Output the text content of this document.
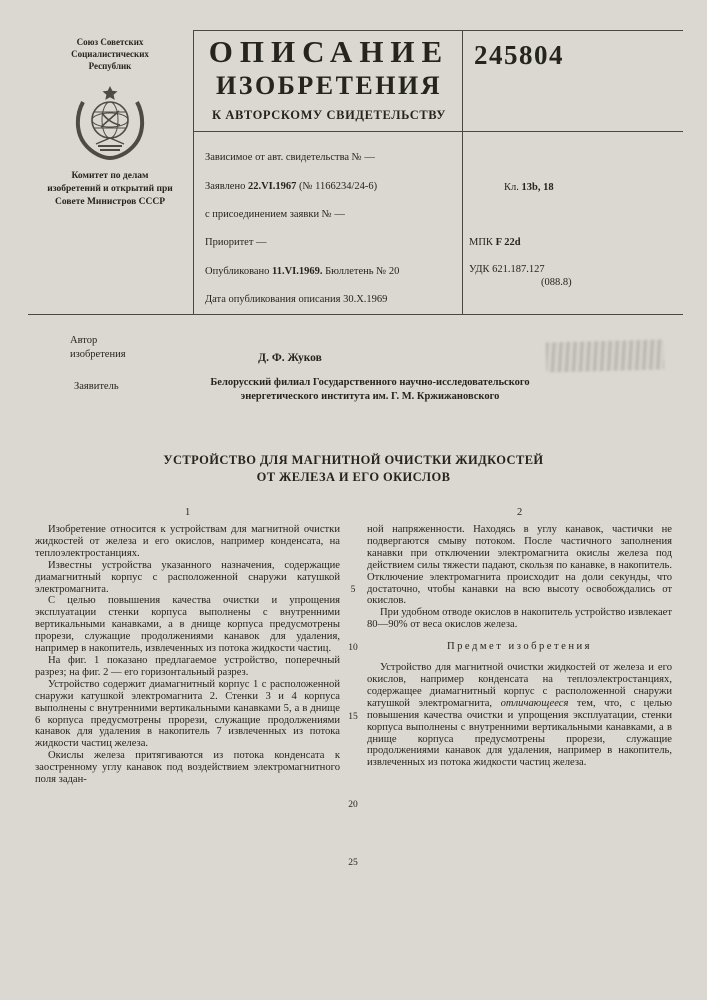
Союз Советских Социалистических Республик
Комитет по делам изобретений и открытий при Совете Министров СССР
ОПИСАНИЕ
ИЗОБРЕТЕНИЯ
К АВТОРСКОМУ СВИДЕТЕЛЬСТВУ
Зависимое от авт. свидетельства № —
Заявлено 22.VI.1967 (№ 1166234/24-6)
с присоединением заявки № —
Приоритет —
Опубликовано 11.VI.1969. Бюллетень № 20
Дата опубликования описания 30.X.1969
245804
Кл. 13b, 18
МПК F 22d
УДК 621.187.127
(088.8)
Автор изобретения	Д. Ф. Жуков
Заявитель	Белорусский филиал Государственного научно-исследовательского
энергетического института им. Г. М. Кржижановского
УСТРОЙСТВО ДЛЯ МАГНИТНОЙ ОЧИСТКИ ЖИДКОСТЕЙ
ОТ ЖЕЛЕЗА И ЕГО ОКИСЛОВ
1	2
5
10
15
20
25

Изобретение относится к устройствам для магнитной очистки жидкостей от железа и его окислов, например конденсата, на теплоэлектростанциях.

Известны устройства указанного назначения, содержащие диамагнитный корпус с расположенной снаружи катушкой электромагнита.

С целью повышения качества очистки и упрощения эксплуатации стенки корпуса выполнены с внутренними вертикальными канавками, а в днище корпуса предусмотрены прорези, служащие продолжениями канавок для удаления, например в накопитель, извлеченных из потока жидкости частиц.

На фиг. 1 показано предлагаемое устройство, поперечный разрез; на фиг. 2 — его горизонтальный разрез.

Устройство содержит диамагнитный корпус 1 с расположенной снаружи катушкой электромагнита 2. Стенки 3 и 4 корпуса выполнены с внутренними вертикальными канавками 5, а в днище 6 корпуса предусмотрены прорези, служащие продолжениями канавок для удаления в накопитель 7 извлеченных из потока жидкости частиц железа.

Окислы железа притягиваются из потока конденсата к заостренному углу канавок под воздействием электромагнитного поля задан-

ной напряженности. Находясь в углу канавок, частички не подвергаются смыву потоком. После частичного заполнения канавки при отключении электромагнита окислы железа под действием силы тяжести падают, скользя по канавке, в накопитель. Отключение электромагнита происходит на доли секунды, что достаточно, чтобы канавки на всю высоту освобождались от окислов.

При удобном отводе окислов в накопитель устройство извлекает 80—90% от веса окислов железа.

Предмет изобретения

Устройство для магнитной очистки жидкостей от железа и его окислов, например конденсата на теплоэлектростанциях, содержащее диамагнитный корпус с расположенной снаружи катушкой электромагнита, отличающееся тем, что, с целью повышения качества очистки и упрощения эксплуатации, стенки корпуса выполнены с внутренними вертикальными канавками, а в днище корпуса предусмотрены прорези, служащие продолжениями канавок для удаления, например в накопитель, извлеченных из потока жидкости частиц железа.
